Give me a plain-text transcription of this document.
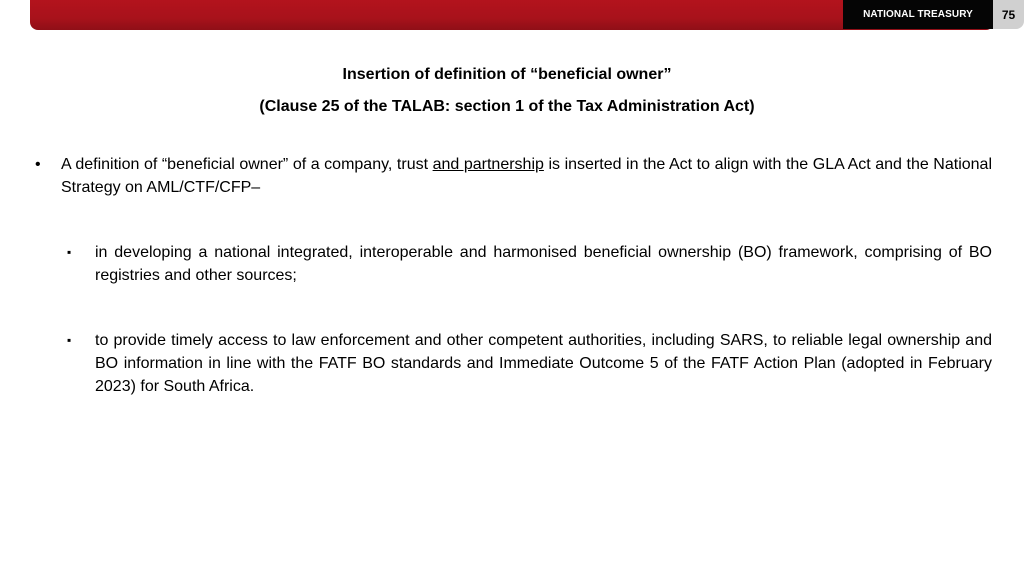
NATIONAL TREASURY 75
Insertion of definition of “beneficial owner”
(Clause 25 of the TALAB: section 1 of the Tax Administration Act)
• A definition of “beneficial owner” of a company, trust and partnership is inserted in the Act to align with the GLA Act and the National Strategy on AML/CTF/CFP–
▪ in developing a national integrated, interoperable and harmonised beneficial ownership (BO) framework, comprising of BO registries and other sources;
▪ to provide timely access to law enforcement and other competent authorities, including SARS, to reliable legal ownership and BO information in line with the FATF BO standards and Immediate Outcome 5 of the FATF Action Plan (adopted in February 2023) for South Africa.
